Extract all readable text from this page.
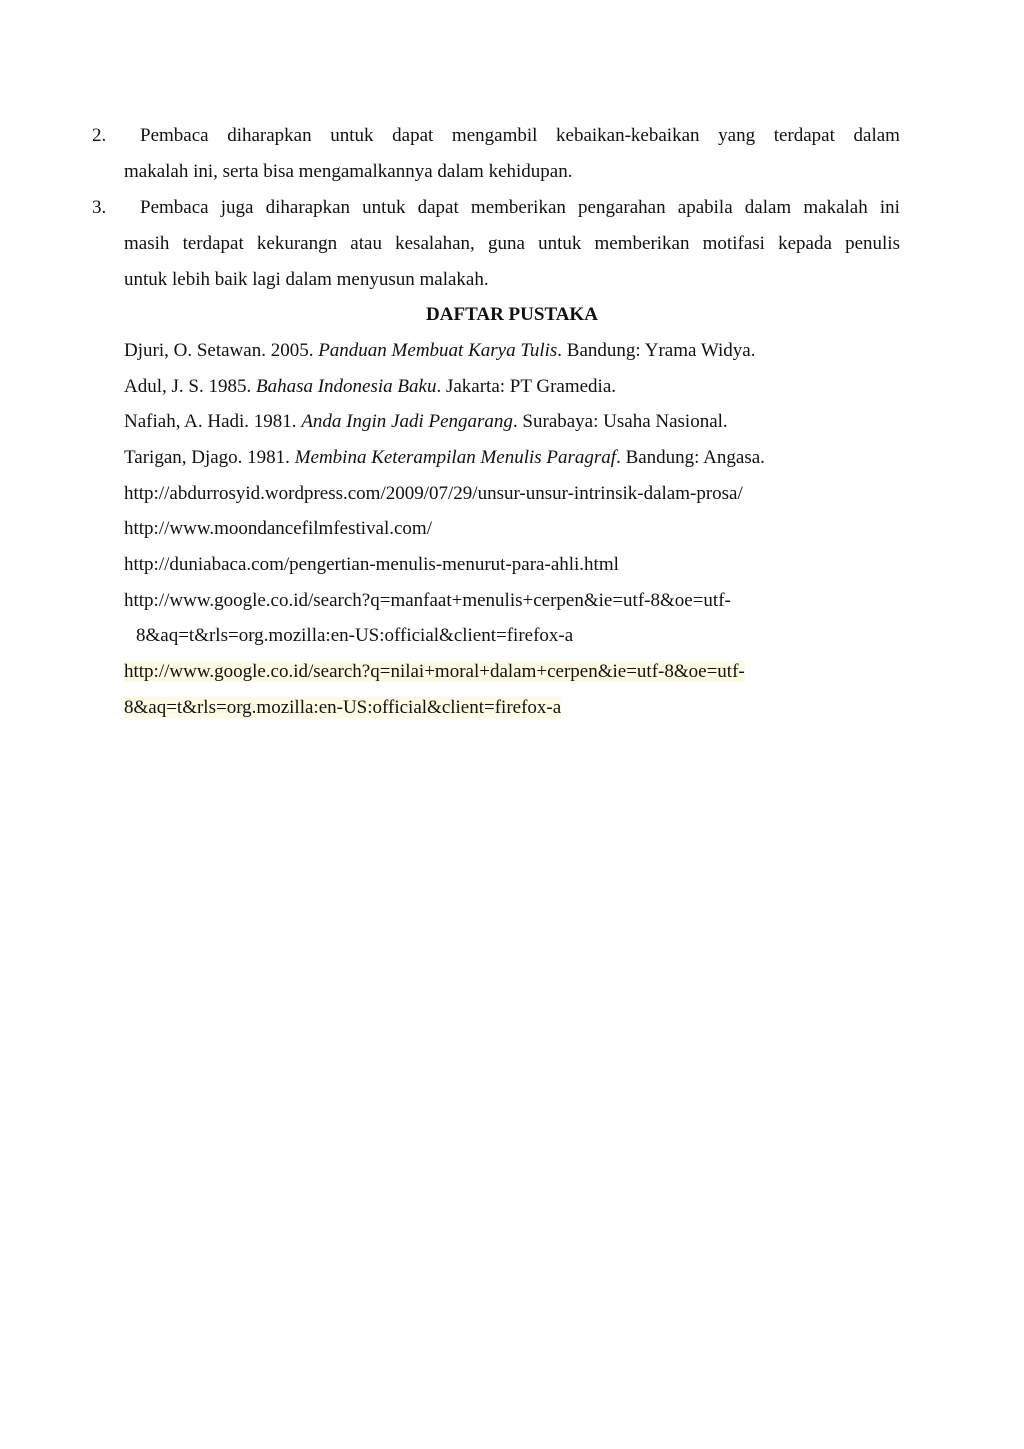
2. Pembaca diharapkan untuk dapat mengambil kebaikan-kebaikan yang terdapat dalam
makalah ini, serta bisa mengamalkannya dalam kehidupan.
3. Pembaca juga diharapkan untuk dapat memberikan pengarahan apabila dalam makalah ini
masih terdapat kekurangn atau kesalahan, guna untuk memberikan motifasi kepada penulis
untuk lebih baik lagi dalam menyusun malakah.
DAFTAR PUSTAKA
Djuri, O. Setawan. 2005. Panduan Membuat Karya Tulis. Bandung: Yrama Widya.
Adul, J. S. 1985. Bahasa Indonesia Baku. Jakarta: PT Gramedia.
Nafiah, A. Hadi. 1981. Anda Ingin Jadi Pengarang. Surabaya: Usaha Nasional.
Tarigan, Djago. 1981. Membina Keterampilan Menulis Paragraf. Bandung: Angasa.
http://abdurrosyid.wordpress.com/2009/07/29/unsur-unsur-intrinsik-dalam-prosa/
http://www.moondancefilmfestival.com/
http://duniabaca.com/pengertian-menulis-menurut-para-ahli.html
http://www.google.co.id/search?q=manfaat+menulis+cerpen&ie=utf-8&oe=utf-
8&aq=t&rls=org.mozilla:en-US:official&client=firefox-a
http://www.google.co.id/search?q=nilai+moral+dalam+cerpen&ie=utf-8&oe=utf-
8&aq=t&rls=org.mozilla:en-US:official&client=firefox-a
